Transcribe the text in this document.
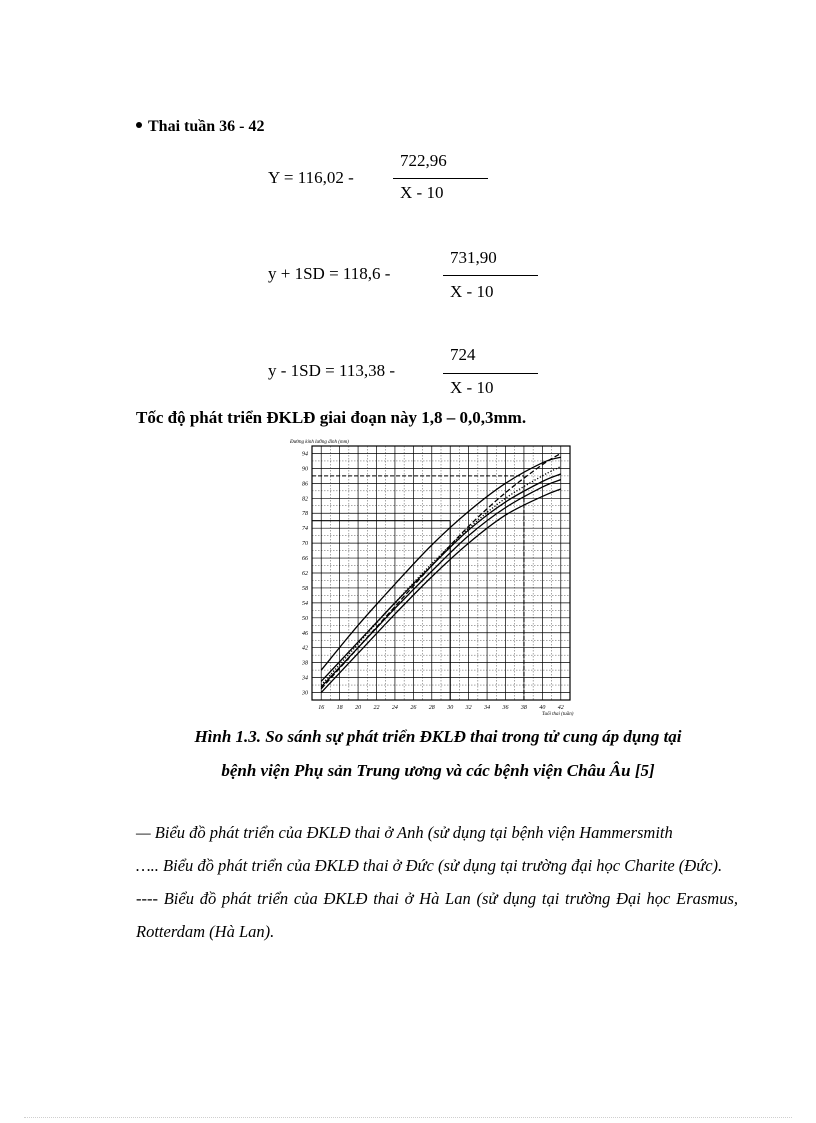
Thai tuần 36 - 42
Y = 116,02 -
722,96
X - 10
y + 1SD = 118,6 -
731,90
X - 10
y - 1SD = 113,38 -
724
X - 10
Tốc độ phát triển ĐKLĐ giai đoạn này 1,8 – 0,0,3mm.
Đường kính lưỡng đỉnh (mm)
Tuổi thai (tuần)
16 18 20 22 24 26 28 30 32 34 36 38 40 42
30
34
38
42
46
50
54
58
62
66
70
74
78
82
86
90
94
Hình 1.3. So sánh sự phát triển ĐKLĐ thai trong tử cung áp dụng tại
bệnh viện Phụ sản Trung ương và các bệnh viện Châu Âu [5]

— Biểu đồ phát triển của ĐKLĐ thai ở Anh (sử dụng tại bệnh viện Hammersmith

….. Biểu đồ phát triển của ĐKLĐ thai ở Đức (sử dụng tại trường đại học Charite (Đức).

---- Biểu đồ phát triển của ĐKLĐ thai ở Hà Lan (sử dụng tại trường Đại học Erasmus, Rotterdam (Hà Lan).
